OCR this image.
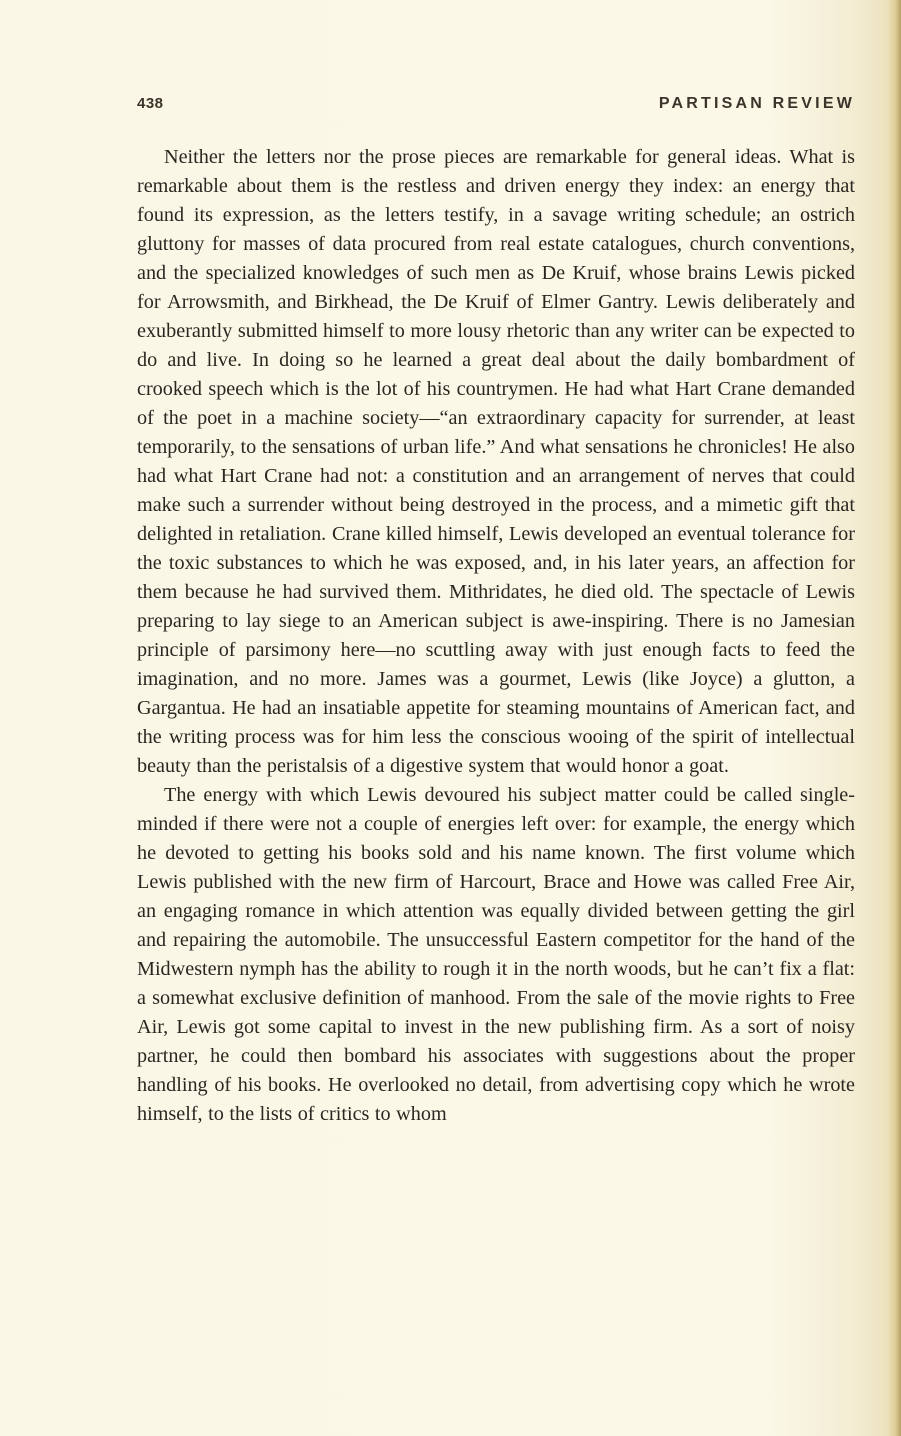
438	PARTISAN REVIEW

Neither the letters nor the prose pieces are remarkable for general ideas. What is remarkable about them is the restless and driven energy they index: an energy that found its expression, as the letters testify, in a savage writing schedule; an ostrich gluttony for masses of data procured from real estate catalogues, church conventions, and the specialized knowledges of such men as De Kruif, whose brains Lewis picked for Arrowsmith, and Birkhead, the De Kruif of Elmer Gantry. Lewis deliberately and exuberantly submitted himself to more lousy rhetoric than any writer can be expected to do and live. In doing so he learned a great deal about the daily bombardment of crooked speech which is the lot of his countrymen. He had what Hart Crane demanded of the poet in a machine society—“an extraordinary capacity for surrender, at least temporarily, to the sensations of urban life.” And what sensations he chronicles! He also had what Hart Crane had not: a constitution and an arrangement of nerves that could make such a surrender without being destroyed in the process, and a mimetic gift that delighted in retaliation. Crane killed himself, Lewis developed an eventual tolerance for the toxic substances to which he was exposed, and, in his later years, an affection for them because he had survived them. Mithridates, he died old. The spectacle of Lewis preparing to lay siege to an American subject is awe-inspiring. There is no Jamesian principle of parsimony here—no scuttling away with just enough facts to feed the imagination, and no more. James was a gourmet, Lewis (like Joyce) a glutton, a Gargantua. He had an insatiable appetite for steaming mountains of American fact, and the writing process was for him less the conscious wooing of the spirit of intellectual beauty than the peristalsis of a digestive system that would honor a goat.

The energy with which Lewis devoured his subject matter could be called single-minded if there were not a couple of energies left over: for example, the energy which he devoted to getting his books sold and his name known. The first volume which Lewis published with the new firm of Harcourt, Brace and Howe was called Free Air, an engaging romance in which attention was equally divided between getting the girl and repairing the automobile. The unsuccessful Eastern competitor for the hand of the Midwestern nymph has the ability to rough it in the north woods, but he can’t fix a flat: a somewhat exclusive definition of manhood. From the sale of the movie rights to Free Air, Lewis got some capital to invest in the new publishing firm. As a sort of noisy partner, he could then bombard his associates with suggestions about the proper handling of his books. He overlooked no detail, from advertising copy which he wrote himself, to the lists of critics to whom
